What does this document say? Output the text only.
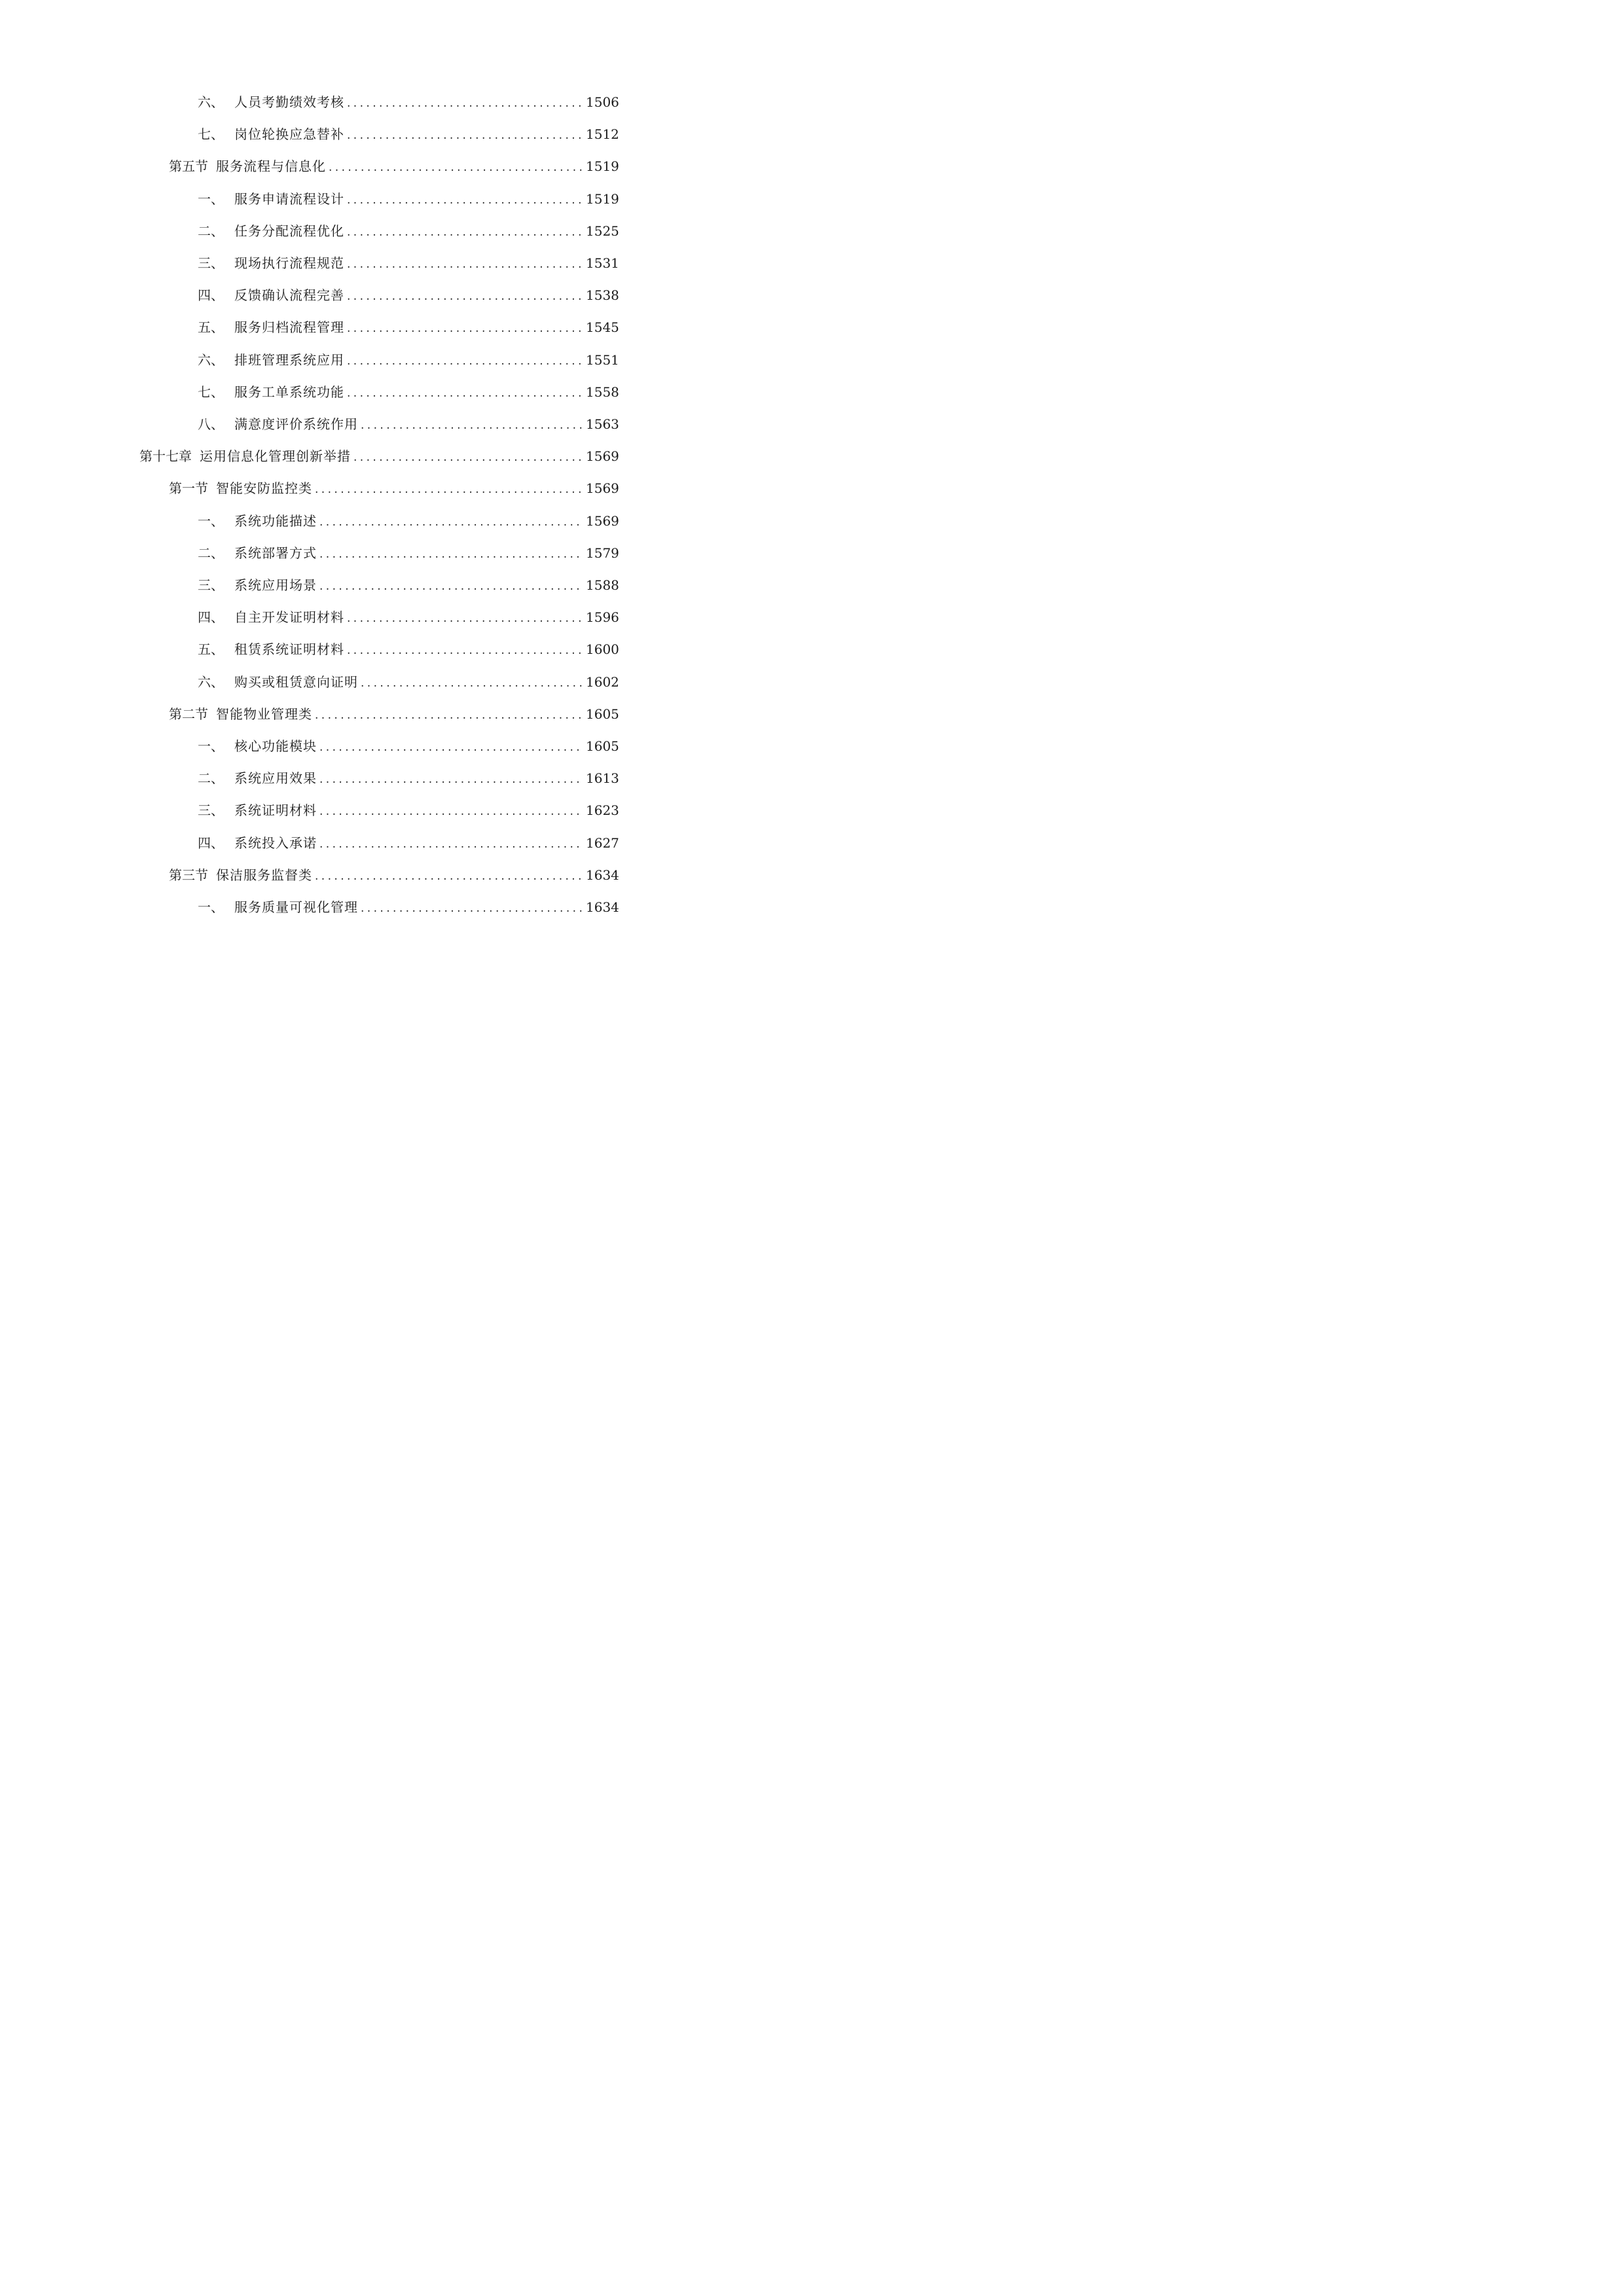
六、 人员考勤绩效考核 . . .	1506
七、 岗位轮换应急替补 . . .	1512
第五节 服务流程与信息化 . . .	1519
一、 服务申请流程设计 . . .	1519
二、 任务分配流程优化 . . .	1525
三、 现场执行流程规范 . . .	1531
四、 反馈确认流程完善 . . .	1538
五、 服务归档流程管理 . . .	1545
六、 排班管理系统应用 . . .	1551
七、 服务工单系统功能 . . .	1558
八、 满意度评价系统作用 . . .	1563
第十七章 运用信息化管理创新举措 . . .	1569
第一节 智能安防监控类 . . .	1569
一、 系统功能描述 . . .	1569
二、 系统部署方式 . . .	1579
三、 系统应用场景 . . .	1588
四、 自主开发证明材料 . . .	1596
五、 租赁系统证明材料 . . .	1600
六、 购买或租赁意向证明 . . .	1602
第二节 智能物业管理类 . . .	1605
一、 核心功能模块 . . .	1605
二、 系统应用效果 . . .	1613
三、 系统证明材料 . . .	1623
四、 系统投入承诺 . . .	1627
第三节 保洁服务监督类 . . .	1634
一、 服务质量可视化管理 . . .	1634
